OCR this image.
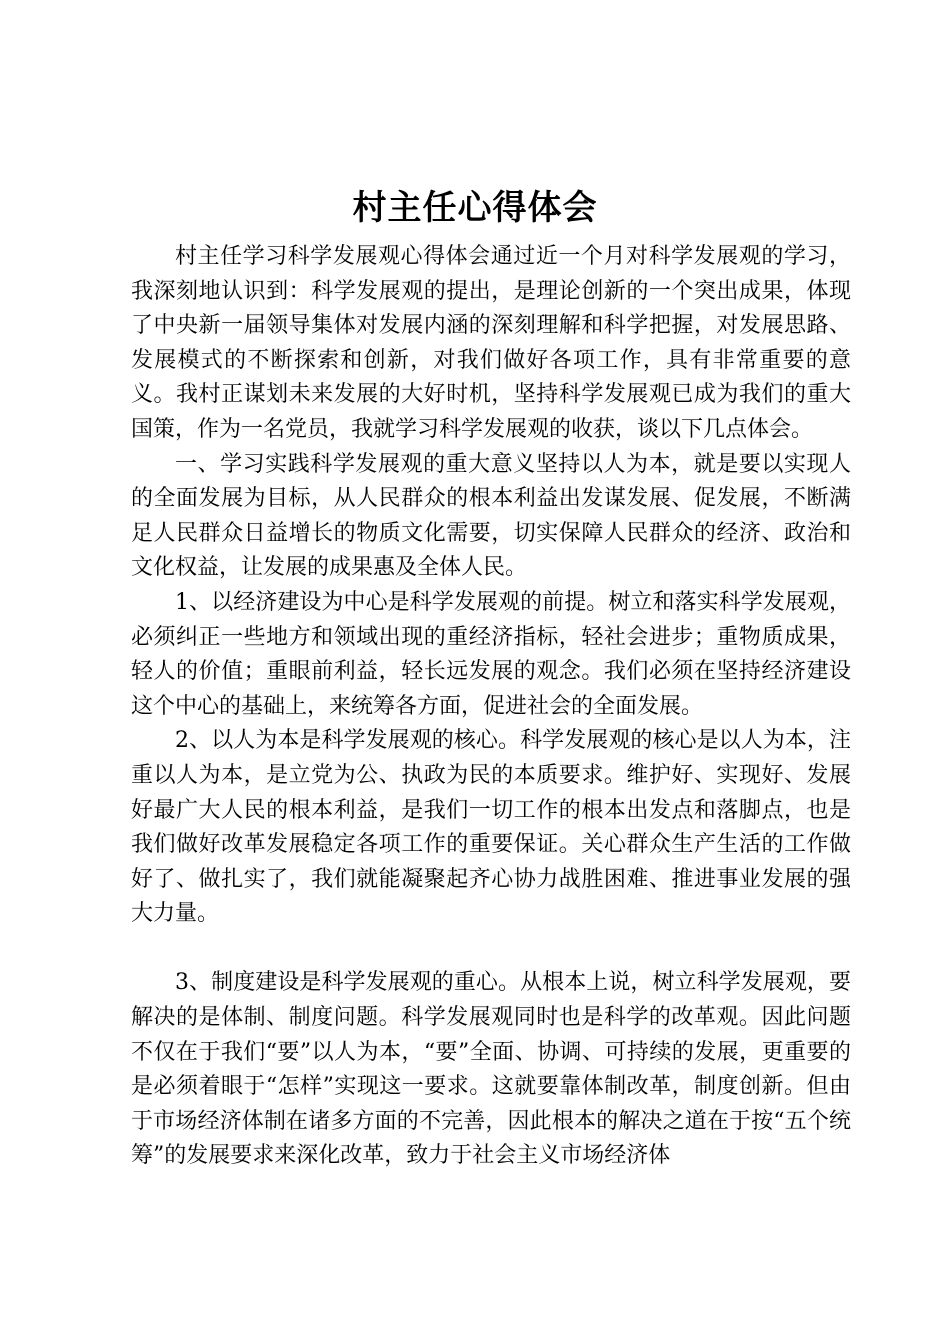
村主任心得体会

村主任学习科学发展观心得体会通过近一个月对科学发展观的学习，我深刻地认识到：科学发展观的提出，是理论创新的一个突出成果，体现了中央新一届领导集体对发展内涵的深刻理解和科学把握，对发展思路、发展模式的不断探索和创新，对我们做好各项工作，具有非常重要的意义。我村正谋划未来发展的大好时机，坚持科学发展观已成为我们的重大国策，作为一名党员，我就学习科学发展观的收获，谈以下几点体会。

一、学习实践科学发展观的重大意义坚持以人为本，就是要以实现人的全面发展为目标，从人民群众的根本利益出发谋发展、促发展，不断满足人民群众日益增长的物质文化需要，切实保障人民群众的经济、政治和文化权益，让发展的成果惠及全体人民。

1、以经济建设为中心是科学发展观的前提。树立和落实科学发展观，必须纠正一些地方和领域出现的重经济指标，轻社会进步；重物质成果，轻人的价值；重眼前利益，轻长远发展的观念。我们必须在坚持经济建设这个中心的基础上，来统筹各方面，促进社会的全面发展。

2、以人为本是科学发展观的核心。科学发展观的核心是以人为本，注重以人为本，是立党为公、执政为民的本质要求。维护好、实现好、发展好最广大人民的根本利益，是我们一切工作的根本出发点和落脚点，也是我们做好改革发展稳定各项工作的重要保证。关心群众生产生活的工作做好了、做扎实了，我们就能凝聚起齐心协力战胜困难、推进事业发展的强大力量。

3、制度建设是科学发展观的重心。从根本上说，树立科学发展观，要解决的是体制、制度问题。科学发展观同时也是科学的改革观。因此问题不仅在于我们“要”以人为本，“要”全面、协调、可持续的发展，更重要的是必须着眼于“怎样”实现这一要求。这就要靠体制改革，制度创新。但由于市场经济体制在诸多方面的不完善，因此根本的解决之道在于按“五个统筹”的发展要求来深化改革，致力于社会主义市场经济体
